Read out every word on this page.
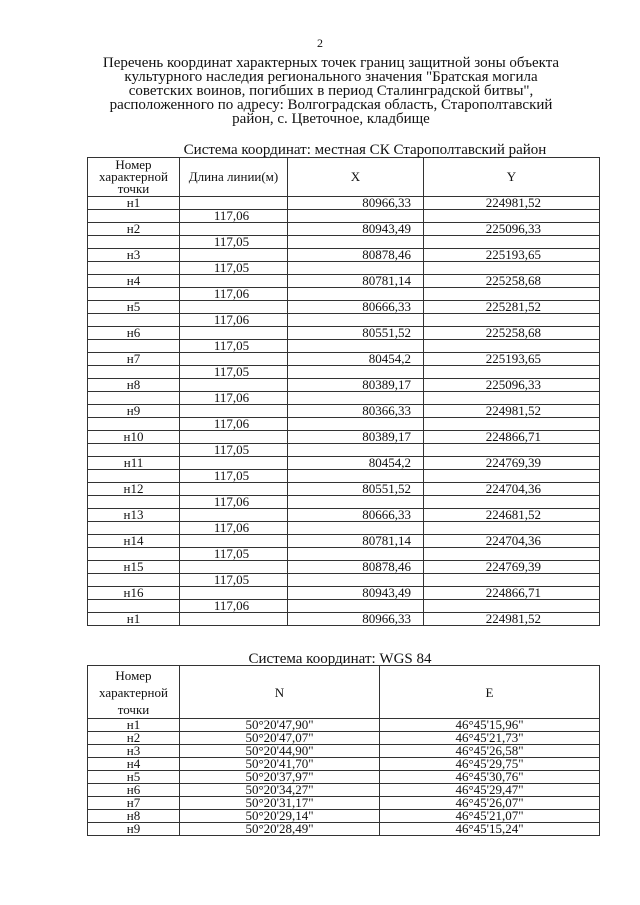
2
Перечень координат характерных точек границ защитной зоны объекта культурного наследия регионального значения "Братская могила советских воинов, погибших в период Сталинградской битвы", расположенного по адресу: Волгоградская область, Старополтавский район, с. Цветочное, кладбище
Система координат: местная СК Старополтавский район
Номер характерной точки	Длина линии(м)	X	Y
н1		80966,33	224981,52
	117,06		
н2		80943,49	225096,33
	117,05		
н3		80878,46	225193,65
	117,05		
н4		80781,14	225258,68
	117,06		
н5		80666,33	225281,52
	117,06		
н6		80551,52	225258,68
	117,05		
н7		80454,2	225193,65
	117,05		
н8		80389,17	225096,33
	117,06		
н9		80366,33	224981,52
	117,06		
н10		80389,17	224866,71
	117,05		
н11		80454,2	224769,39
	117,05		
н12		80551,52	224704,36
	117,06		
н13		80666,33	224681,52
	117,06		
н14		80781,14	224704,36
	117,05		
н15		80878,46	224769,39
	117,05		
н16		80943,49	224866,71
	117,06		
н1		80966,33	224981,52
Система координат: WGS 84
Номер характерной точки	N	E
н1	50°20'47,90"	46°45'15,96"
н2	50°20'47,07"	46°45'21,73"
н3	50°20'44,90"	46°45'26,58"
н4	50°20'41,70"	46°45'29,75"
н5	50°20'37,97"	46°45'30,76"
н6	50°20'34,27"	46°45'29,47"
н7	50°20'31,17"	46°45'26,07"
н8	50°20'29,14"	46°45'21,07"
н9	50°20'28,49"	46°45'15,24"
